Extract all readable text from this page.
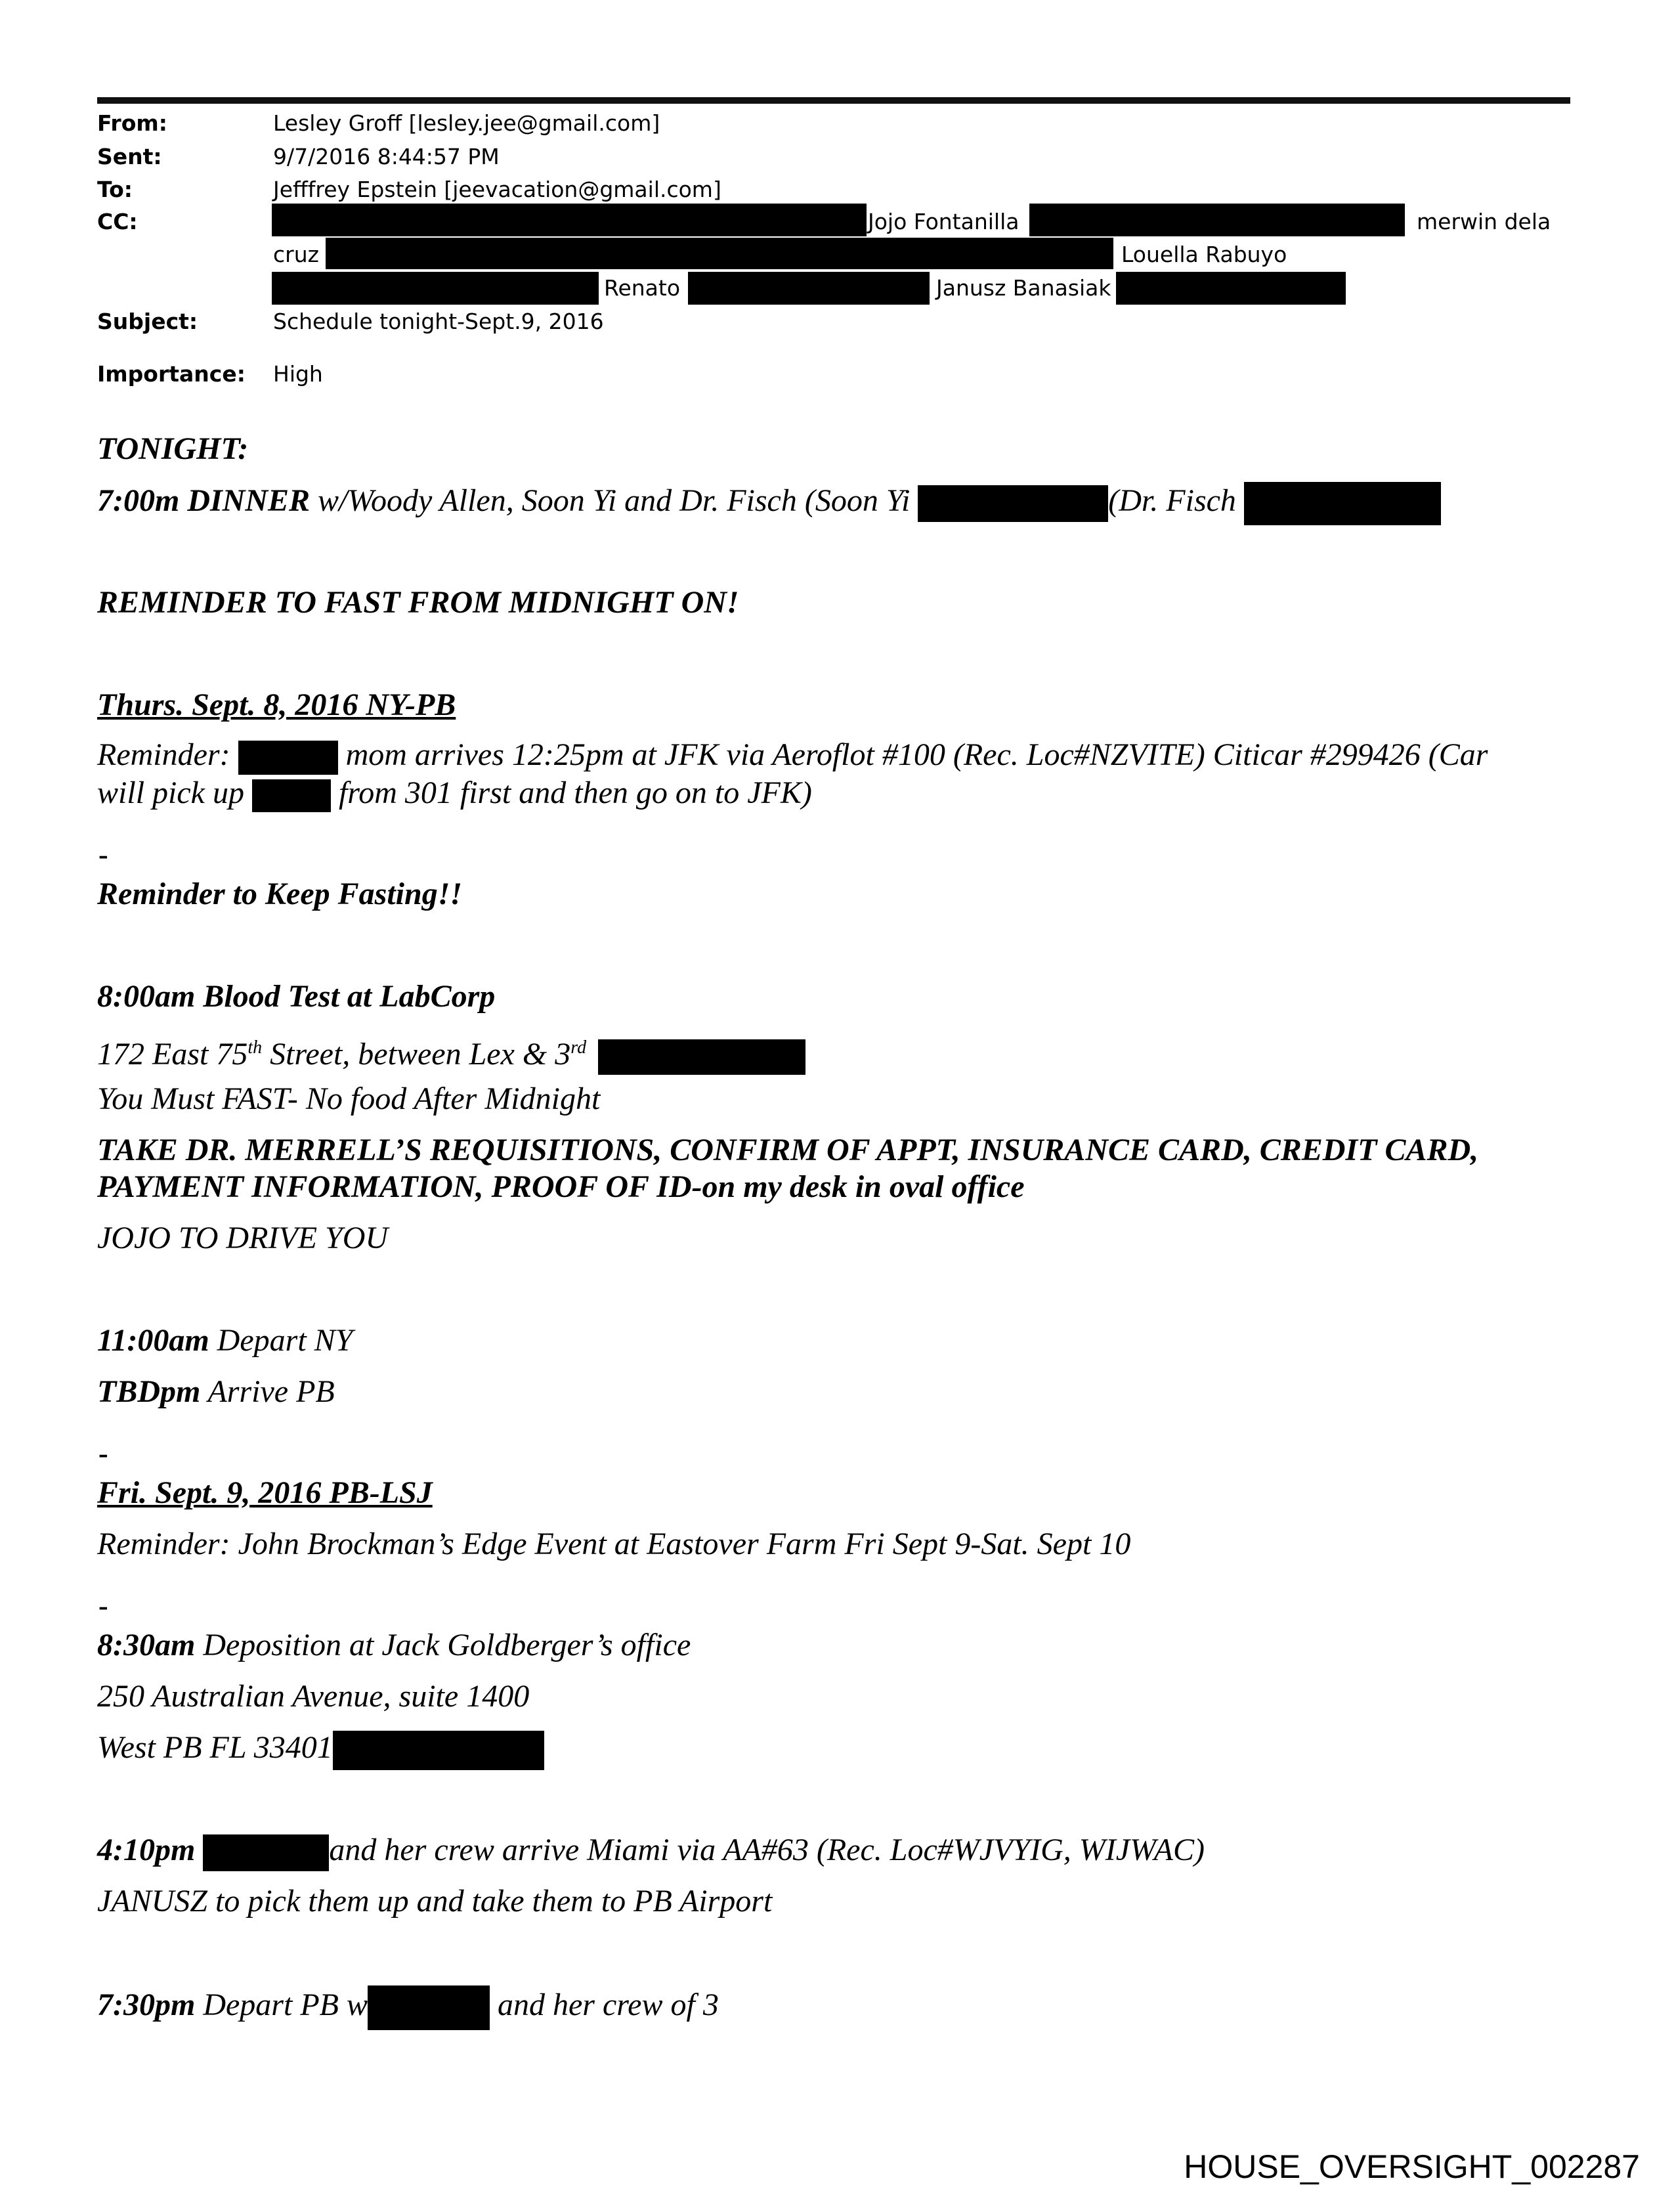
From:	Lesley Groff [lesley.jee@gmail.com]
Sent:	9/7/2016 8:44:57 PM
To:	Jefffrey Epstein [jeevacation@gmail.com]
CC:	Jojo Fontanilla	merwin dela
cruz	Louella Rabuyo
Renato	Janusz Banasiak
Subject:	Schedule tonight-Sept.9, 2016
Importance: High
TONIGHT:
7:00m DINNER w/Woody Allen, Soon Yi and Dr. Fisch (Soon Yi	(Dr. Fisch
REMINDER TO FAST FROM MIDNIGHT ON!
Thurs. Sept. 8, 2016 NY-PB
Reminder:	mom arrives 12:25pm at JFK via Aeroflot #100 (Rec. Loc#NZVITE) Citicar #299426 (Car
will pick up	from 301 first and then go on to JFK)
-
Reminder to Keep Fasting!!
8:00am Blood Test at LabCorp
172 East 75th Street, between Lex & 3rd
You Must FAST- No food After Midnight
TAKE DR. MERRELL’S REQUISITIONS, CONFIRM OF APPT, INSURANCE CARD, CREDIT CARD,
PAYMENT INFORMATION, PROOF OF ID-on my desk in oval office
JOJO TO DRIVE YOU
11:00am Depart NY
TBDpm Arrive PB
-
Fri. Sept. 9, 2016 PB-LSJ
Reminder: John Brockman’s Edge Event at Eastover Farm Fri Sept 9-Sat. Sept 10
-
8:30am Deposition at Jack Goldberger’s office
250 Australian Avenue, suite 1400
West PB FL 33401
4:10pm	and her crew arrive Miami via AA#63 (Rec. Loc#WJVYIG, WIJWAC)
JANUSZ to pick them up and take them to PB Airport
7:30pm Depart PB w	and her crew of 3
HOUSE_OVERSIGHT_002287
